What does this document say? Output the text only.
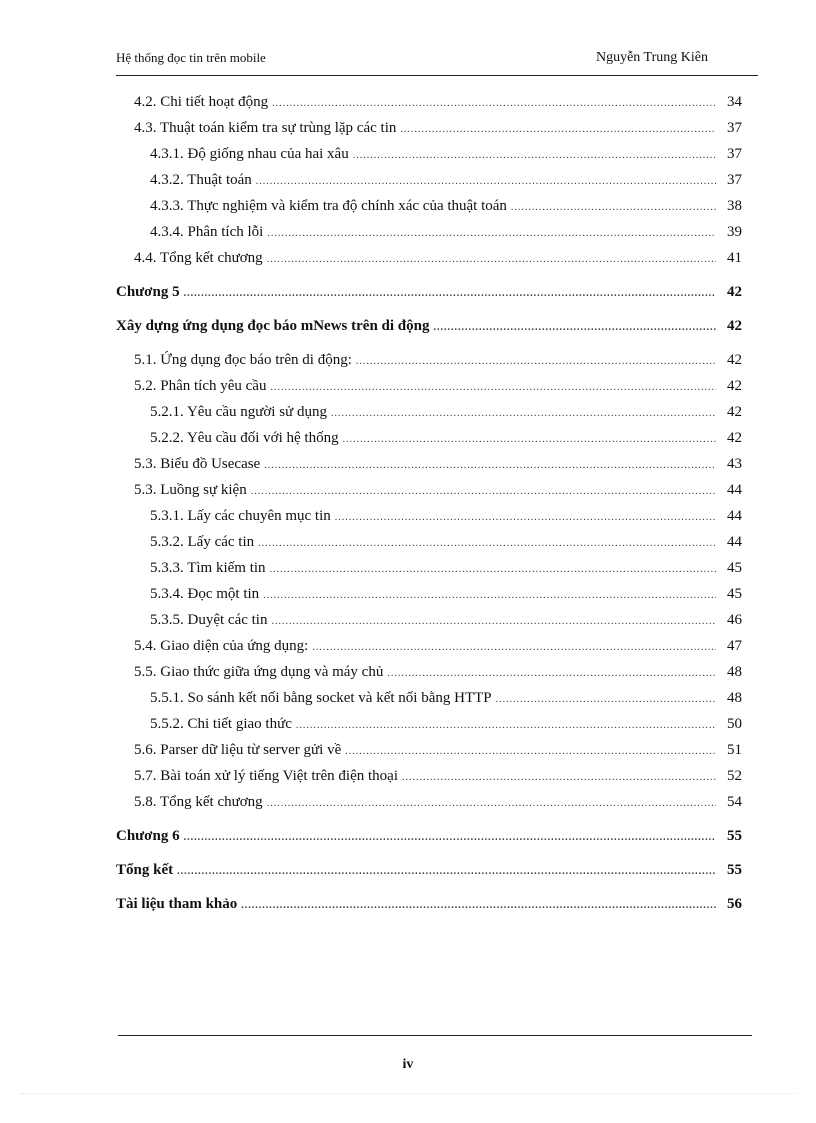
Hệ thống đọc tin trên mobile	Nguyễn Trung Kiên
4.2. Chi tiết hoạt động .....	34
4.3. Thuật toán kiểm tra sự trùng lặp các tin .....	37
4.3.1. Độ giống nhau của hai xâu .....	37
4.3.2. Thuật toán .....	37
4.3.3. Thực nghiệm và kiểm tra độ chính xác của thuật toán .....	38
4.3.4. Phân tích lỗi .....	39
4.4. Tổng kết chương .....	41
Chương 5 .....	42
Xây dựng ứng dụng đọc báo mNews trên di động .....	42
5.1. Ứng dụng đọc báo trên di động: .....	42
5.2. Phân tích yêu cầu .....	42
5.2.1. Yêu cầu người sử dụng .....	42
5.2.2. Yêu cầu đối với hệ thống .....	42
5.3. Biểu đồ Usecase .....	43
5.3. Luồng sự kiện .....	44
5.3.1. Lấy các chuyên mục tin .....	44
5.3.2. Lấy các tin .....	44
5.3.3. Tìm kiếm tin .....	45
5.3.4. Đọc một tin .....	45
5.3.5. Duyệt các tin .....	46
5.4. Giao diện của ứng dụng: .....	47
5.5. Giao thức giữa ứng dụng và máy chủ .....	48
5.5.1. So sánh kết nối bằng socket và kết nối bằng HTTP .....	48
5.5.2. Chi tiết giao thức .....	50
5.6. Parser dữ liệu từ server gửi về .....	51
5.7. Bài toán xử lý tiếng Việt trên điện thoại .....	52
5.8. Tổng kết chương .....	54
Chương 6 .....	55
Tổng kết .....	55
Tài liệu tham khảo .....	56
iv
